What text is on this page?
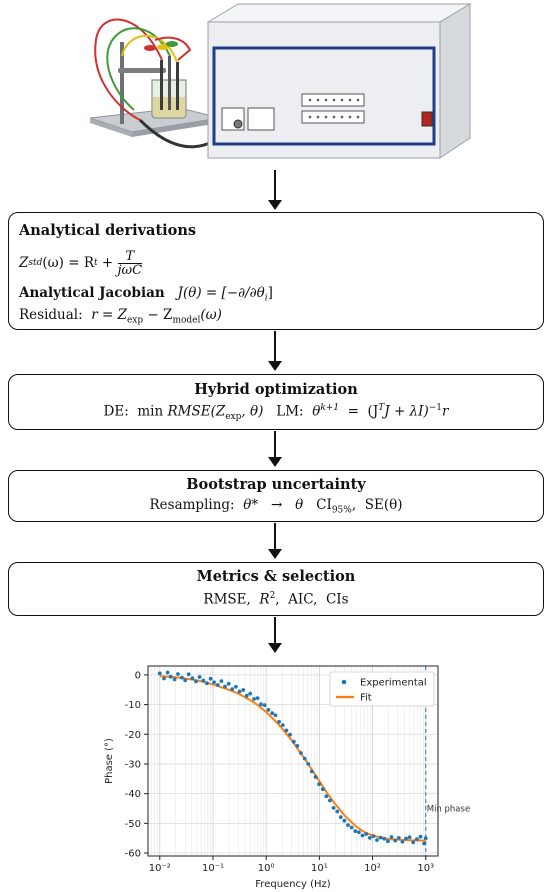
Analytical derivations
Z std (ω) = R $t + \frac{T}{\text{jωC}}$
Analytical Jacobian $J(\theta) = [-\partial/\partial\theta_i]$
Residual: $r = Z_{exp} - Z_{model}(\omega)$
Hybrid optimization
DE: $\min RMSE(Z_{exp}$, θ) LM: $\theta^{k+1} = (J^TJ + \lambda I)^{-1}r$
Bootstrap uncertainty
Resampling: θ* → θ $CI_{95\%}$,  SE(θ)
Metrics & selection
RMSE, $R^2$,  AIC,  CIs
0
-10
-20
-30
-40
-50
-60
10⁻²	10⁻¹	10⁰	10¹	10²	10³
Frequency (Hz)
Phase (°)
Experimental
Fit
Min phase
